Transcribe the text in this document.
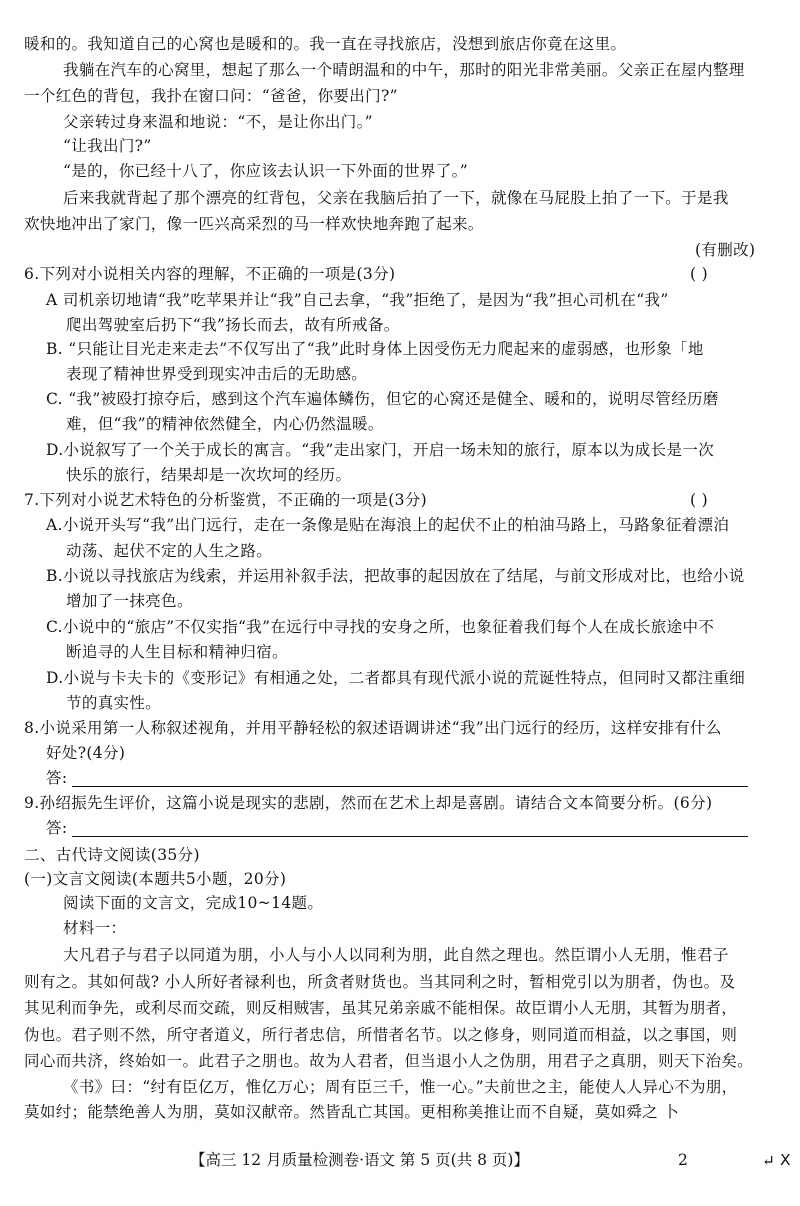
暖和的。我知道自己的心窝也是暖和的。我一直在寻找旅店，没想到旅店你竟在这里。
我躺在汽车的心窝里，想起了那么一个晴朗温和的中午，那时的阳光非常美丽。父亲正在屋内整理
一个红色的背包，我扑在窗口问：“爸爸，你要出门?”
父亲转过身来温和地说：“不，是让你出门。”
“让我出门?”
“是的，你已经十八了，你应该去认识一下外面的世界了。”
后来我就背起了那个漂亮的红背包，父亲在我脑后拍了一下，就像在马屁股上拍了一下。于是我
欢快地冲出了家门，像一匹兴高采烈的马一样欢快地奔跑了起来。
(有删改)
6.下列对小说相关内容的理解，不正确的一项是(3分)	( )
A 司机亲切地请“我”吃苹果并让“我”自己去拿，“我”拒绝了，是因为“我”担心司机在“我”
爬出驾驶室后扔下“我”扬长而去，故有所戒备。
B. “只能让目光走来走去”不仅写出了“我”此时身体上因受伤无力爬起来的虚弱感，也形象「地
表现了精神世界受到现实冲击后的无助感。
C. “我”被殴打掠夺后，感到这个汽车遍体鳞伤，但它的心窝还是健全、暖和的，说明尽管经历磨
难，但“我”的精神依然健全，内心仍然温暖。
D.小说叙写了一个关于成长的寓言。“我”走出家门，开启一场未知的旅行，原本以为成长是一次
快乐的旅行，结果却是一次坎坷的经历。
7.下列对小说艺术特色的分析鉴赏，不正确的一项是(3分)	( )
A.小说开头写“我”出门远行，走在一条像是贴在海浪上的起伏不止的柏油马路上，马路象征着漂泊
动荡、起伏不定的人生之路。
B.小说以寻找旅店为线索，并运用补叙手法，把故事的起因放在了结尾，与前文形成对比，也给小说
增加了一抹亮色。
C.小说中的“旅店”不仅实指“我”在远行中寻找的安身之所，也象征着我们每个人在成长旅途中不
断追寻的人生目标和精神归宿。
D.小说与卡夫卡的《变形记》有相通之处，二者都具有现代派小说的荒诞性特点，但同时又都注重细
节的真实性。
8.小说采用第一人称叙述视角，并用平静轻松的叙述语调讲述“我”出门远行的经历，这样安排有什么
好处?(4分)
答:
9.孙绍振先生评价，这篇小说是现实的悲剧，然而在艺术上却是喜剧。请结合文本简要分析。(6分)
答:
二、古代诗文阅读(35分)
(一)文言文阅读(本题共5小题，20分)
阅读下面的文言文，完成10~14题。
材料一：
大凡君子与君子以同道为朋，小人与小人以同利为朋，此自然之理也。然臣谓小人无朋，惟君子
则有之。其如何哉? 小人所好者禄利也，所贪者财货也。当其同利之时，暂相党引以为朋者，伪也。及
其见利而争先，或利尽而交疏，则反相贼害，虽其兄弟亲戚不能相保。故臣谓小人无朋，其暂为朋者，
伪也。君子则不然，所守者道义，所行者忠信，所惜者名节。以之修身，则同道而相益，以之事国，则
同心而共济，终始如一。此君子之朋也。故为人君者，但当退小人之伪朋，用君子之真朋，则天下治矣。
《书》曰：“纣有臣亿万，惟亿万心；周有臣三千，惟一心。”夫前世之主，能使人人异心不为朋，
莫如纣；能禁绝善人为朋，莫如汉献帝。然皆乱亡其国。更相称美推让而不自疑，莫如舜之 卜
【高三 12 月质量检测卷·语文 第 5 页(共 8 页)】	2	↵ X
